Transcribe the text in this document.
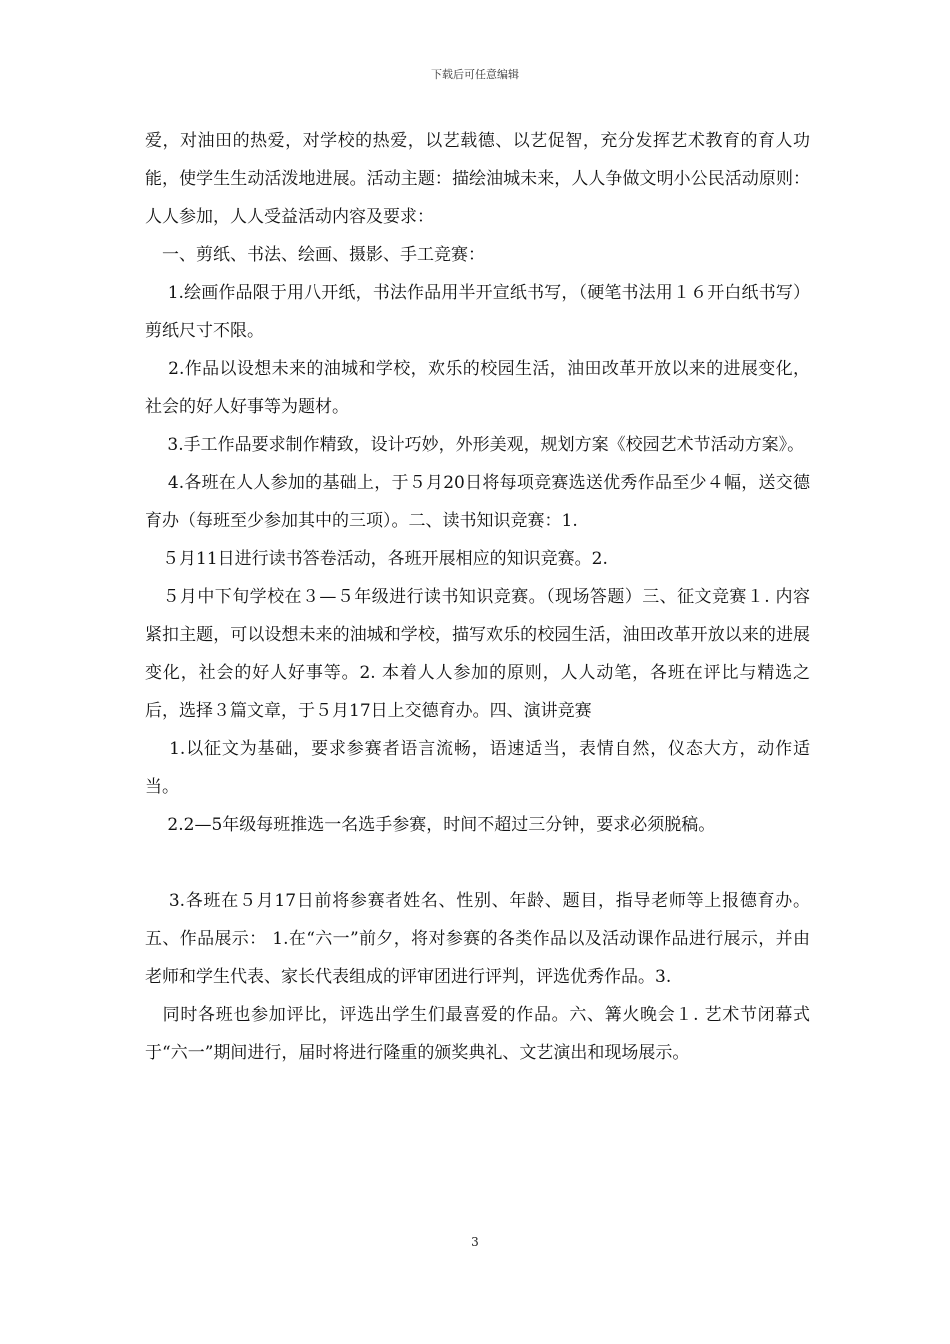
下载后可任意编辑

爱，对油田的热爱，对学校的热爱，以艺载德、以艺促智，充分发挥艺术教育的育人功能，使学生生动活泼地进展。活动主题：描绘油城未来，人人争做文明小公民活动原则：人人参加，人人受益活动内容及要求：

　一、剪纸、书法、绘画、摄影、手工竞赛：

　 1.绘画作品限于用八开纸，书法作品用半开宣纸书写，（硬笔书法用１６开白纸书写）剪纸尺寸不限。

　 2.作品以设想未来的油城和学校，欢乐的校园生活，油田改革开放以来的进展变化，社会的好人好事等为题材。

　 3.手工作品要求制作精致，设计巧妙，外形美观，规划方案《校园艺术节活动方案》。

　 4.各班在人人参加的基础上，于５月20日将每项竞赛选送优秀作品至少４幅，送交德育办（每班至少参加其中的三项）。二、读书知识竞赛：1.

　５月11日进行读书答卷活动，各班开展相应的知识竞赛。2.

　５月中下旬学校在３—５年级进行读书知识竞赛。（现场答题）三、征文竞赛１. 内容紧扣主题，可以设想未来的油城和学校，描写欢乐的校园生活，油田改革开放以来的进展变化，社会的好人好事等。2. 本着人人参加的原则，人人动笔，各班在评比与精选之后，选择３篇文章，于５月17日上交德育办。四、演讲竞赛

　 1.以征文为基础，要求参赛者语言流畅，语速适当，表情自然，仪态大方，动作适当。

　 2.2—5年级每班推选一名选手参赛，时间不超过三分钟，要求必须脱稿。

　 3.各班在５月17日前将参赛者姓名、性别、年龄、题目，指导老师等上报德育办。五、作品展示： 1.在“六一”前夕，将对参赛的各类作品以及活动课作品进行展示，并由老师和学生代表、家长代表组成的评审团进行评判，评选优秀作品。3.

　同时各班也参加评比，评选出学生们最喜爱的作品。六、篝火晚会１. 艺术节闭幕式于“六一”期间进行，届时将进行隆重的颁奖典礼、文艺演出和现场展示。

3
